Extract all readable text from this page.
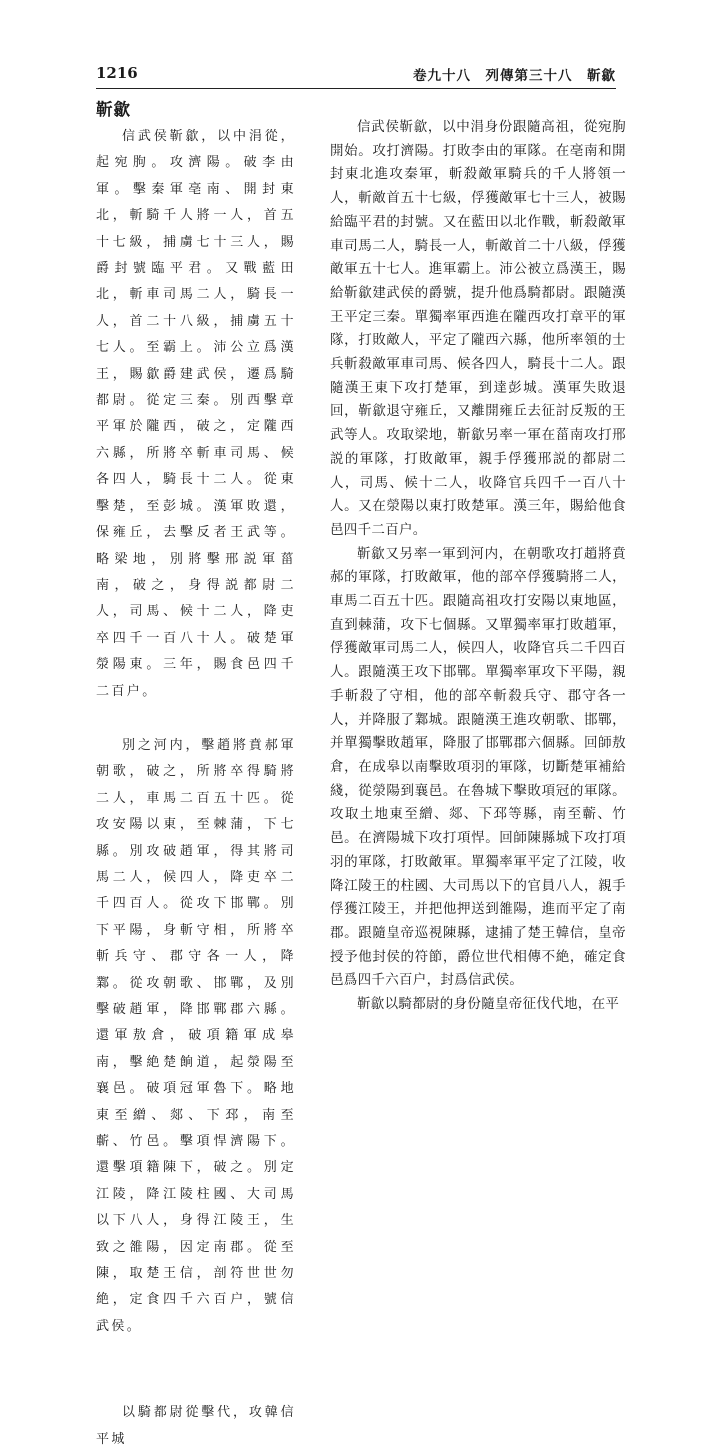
1216	卷九十八　列傳第三十八　靳歙
靳歙

信武侯靳歙，以中涓從，起宛朐。攻濟陽。破李由軍。擊秦軍亳南、開封東北，斬騎千人將一人，首五十七級，捕虜七十三人，賜爵封號臨平君。又戰藍田北，斬車司馬二人，騎長一人，首二十八級，捕虜五十七人。至霸上。沛公立爲漢王，賜歙爵建武侯，遷爲騎都尉。從定三秦。別西擊章平軍於隴西，破之，定隴西六縣，所將卒斬車司馬、候各四人，騎長十二人。從東擊楚，至彭城。漢軍敗還，保雍丘，去擊反者王武等。略梁地，別將擊邢説軍菑南，破之，身得説都尉二人，司馬、候十二人，降吏卒四千一百八十人。破楚軍滎陽東。三年，賜食邑四千二百户。

別之河内，擊趙將賁郝軍朝歌，破之，所將卒得騎將二人，車馬二百五十匹。從攻安陽以東，至棘蒲，下七縣。別攻破趙軍，得其將司馬二人，候四人，降吏卒二千四百人。從攻下邯鄲。別下平陽，身斬守相，所將卒斬兵守、郡守各一人，降鄴。從攻朝歌、邯鄲，及別擊破趙軍，降邯鄲郡六縣。還軍敖倉，破項籍軍成皋南，擊絶楚餉道，起滎陽至襄邑。破項冠軍魯下。略地東至繒、郯、下邳，南至蘄、竹邑。擊項悍濟陽下。還擊項籍陳下，破之。別定江陵，降江陵柱國、大司馬以下八人，身得江陵王，生致之雒陽，因定南郡。從至陳，取楚王信，剖符世世勿絶，定食四千六百户，號信武侯。

以騎都尉從擊代，攻韓信平城

信武侯靳歙，以中涓身份跟隨高祖，從宛朐開始。攻打濟陽。打敗李由的軍隊。在亳南和開封東北進攻秦軍，斬殺敵軍騎兵的千人將領一人，斬敵首五十七級，俘獲敵軍七十三人，被賜給臨平君的封號。又在藍田以北作戰，斬殺敵軍車司馬二人，騎長一人，斬敵首二十八級，俘獲敵軍五十七人。進軍霸上。沛公被立爲漢王，賜給靳歙建武侯的爵號，提升他爲騎都尉。跟隨漢王平定三秦。單獨率軍西進在隴西攻打章平的軍隊，打敗敵人，平定了隴西六縣，他所率領的士兵斬殺敵軍車司馬、候各四人，騎長十二人。跟隨漢王東下攻打楚軍，到達彭城。漢軍失敗退回，靳歙退守雍丘，又離開雍丘去征討反叛的王武等人。攻取梁地，靳歙另率一軍在菑南攻打邢説的軍隊，打敗敵軍，親手俘獲邢説的都尉二人，司馬、候十二人，收降官兵四千一百八十人。又在滎陽以東打敗楚軍。漢三年，賜給他食邑四千二百户。

靳歙又另率一軍到河内，在朝歌攻打趙將賁郝的軍隊，打敗敵軍，他的部卒俘獲騎將二人，車馬二百五十匹。跟隨高祖攻打安陽以東地區，直到棘蒲，攻下七個縣。又單獨率軍打敗趙軍，俘獲敵軍司馬二人，候四人，收降官兵二千四百人。跟隨漢王攻下邯鄲。單獨率軍攻下平陽，親手斬殺了守相，他的部卒斬殺兵守、郡守各一人，并降服了鄴城。跟隨漢王進攻朝歌、邯鄲，并單獨擊敗趙軍，降服了邯鄲郡六個縣。回師敖倉，在成皋以南擊敗項羽的軍隊，切斷楚軍補給綫，從滎陽到襄邑。在魯城下擊敗項冠的軍隊。攻取土地東至繒、郯、下邳等縣，南至蘄、竹邑。在濟陽城下攻打項悍。回師陳縣城下攻打項羽的軍隊，打敗敵軍。單獨率軍平定了江陵，收降江陵王的柱國、大司馬以下的官員八人，親手俘獲江陵王，并把他押送到雒陽，進而平定了南郡。跟隨皇帝巡視陳縣，逮捕了楚王韓信，皇帝授予他封侯的符節，爵位世代相傳不絶，確定食邑爲四千六百户，封爲信武侯。

靳歙以騎都尉的身份隨皇帝征伐代地，在平
